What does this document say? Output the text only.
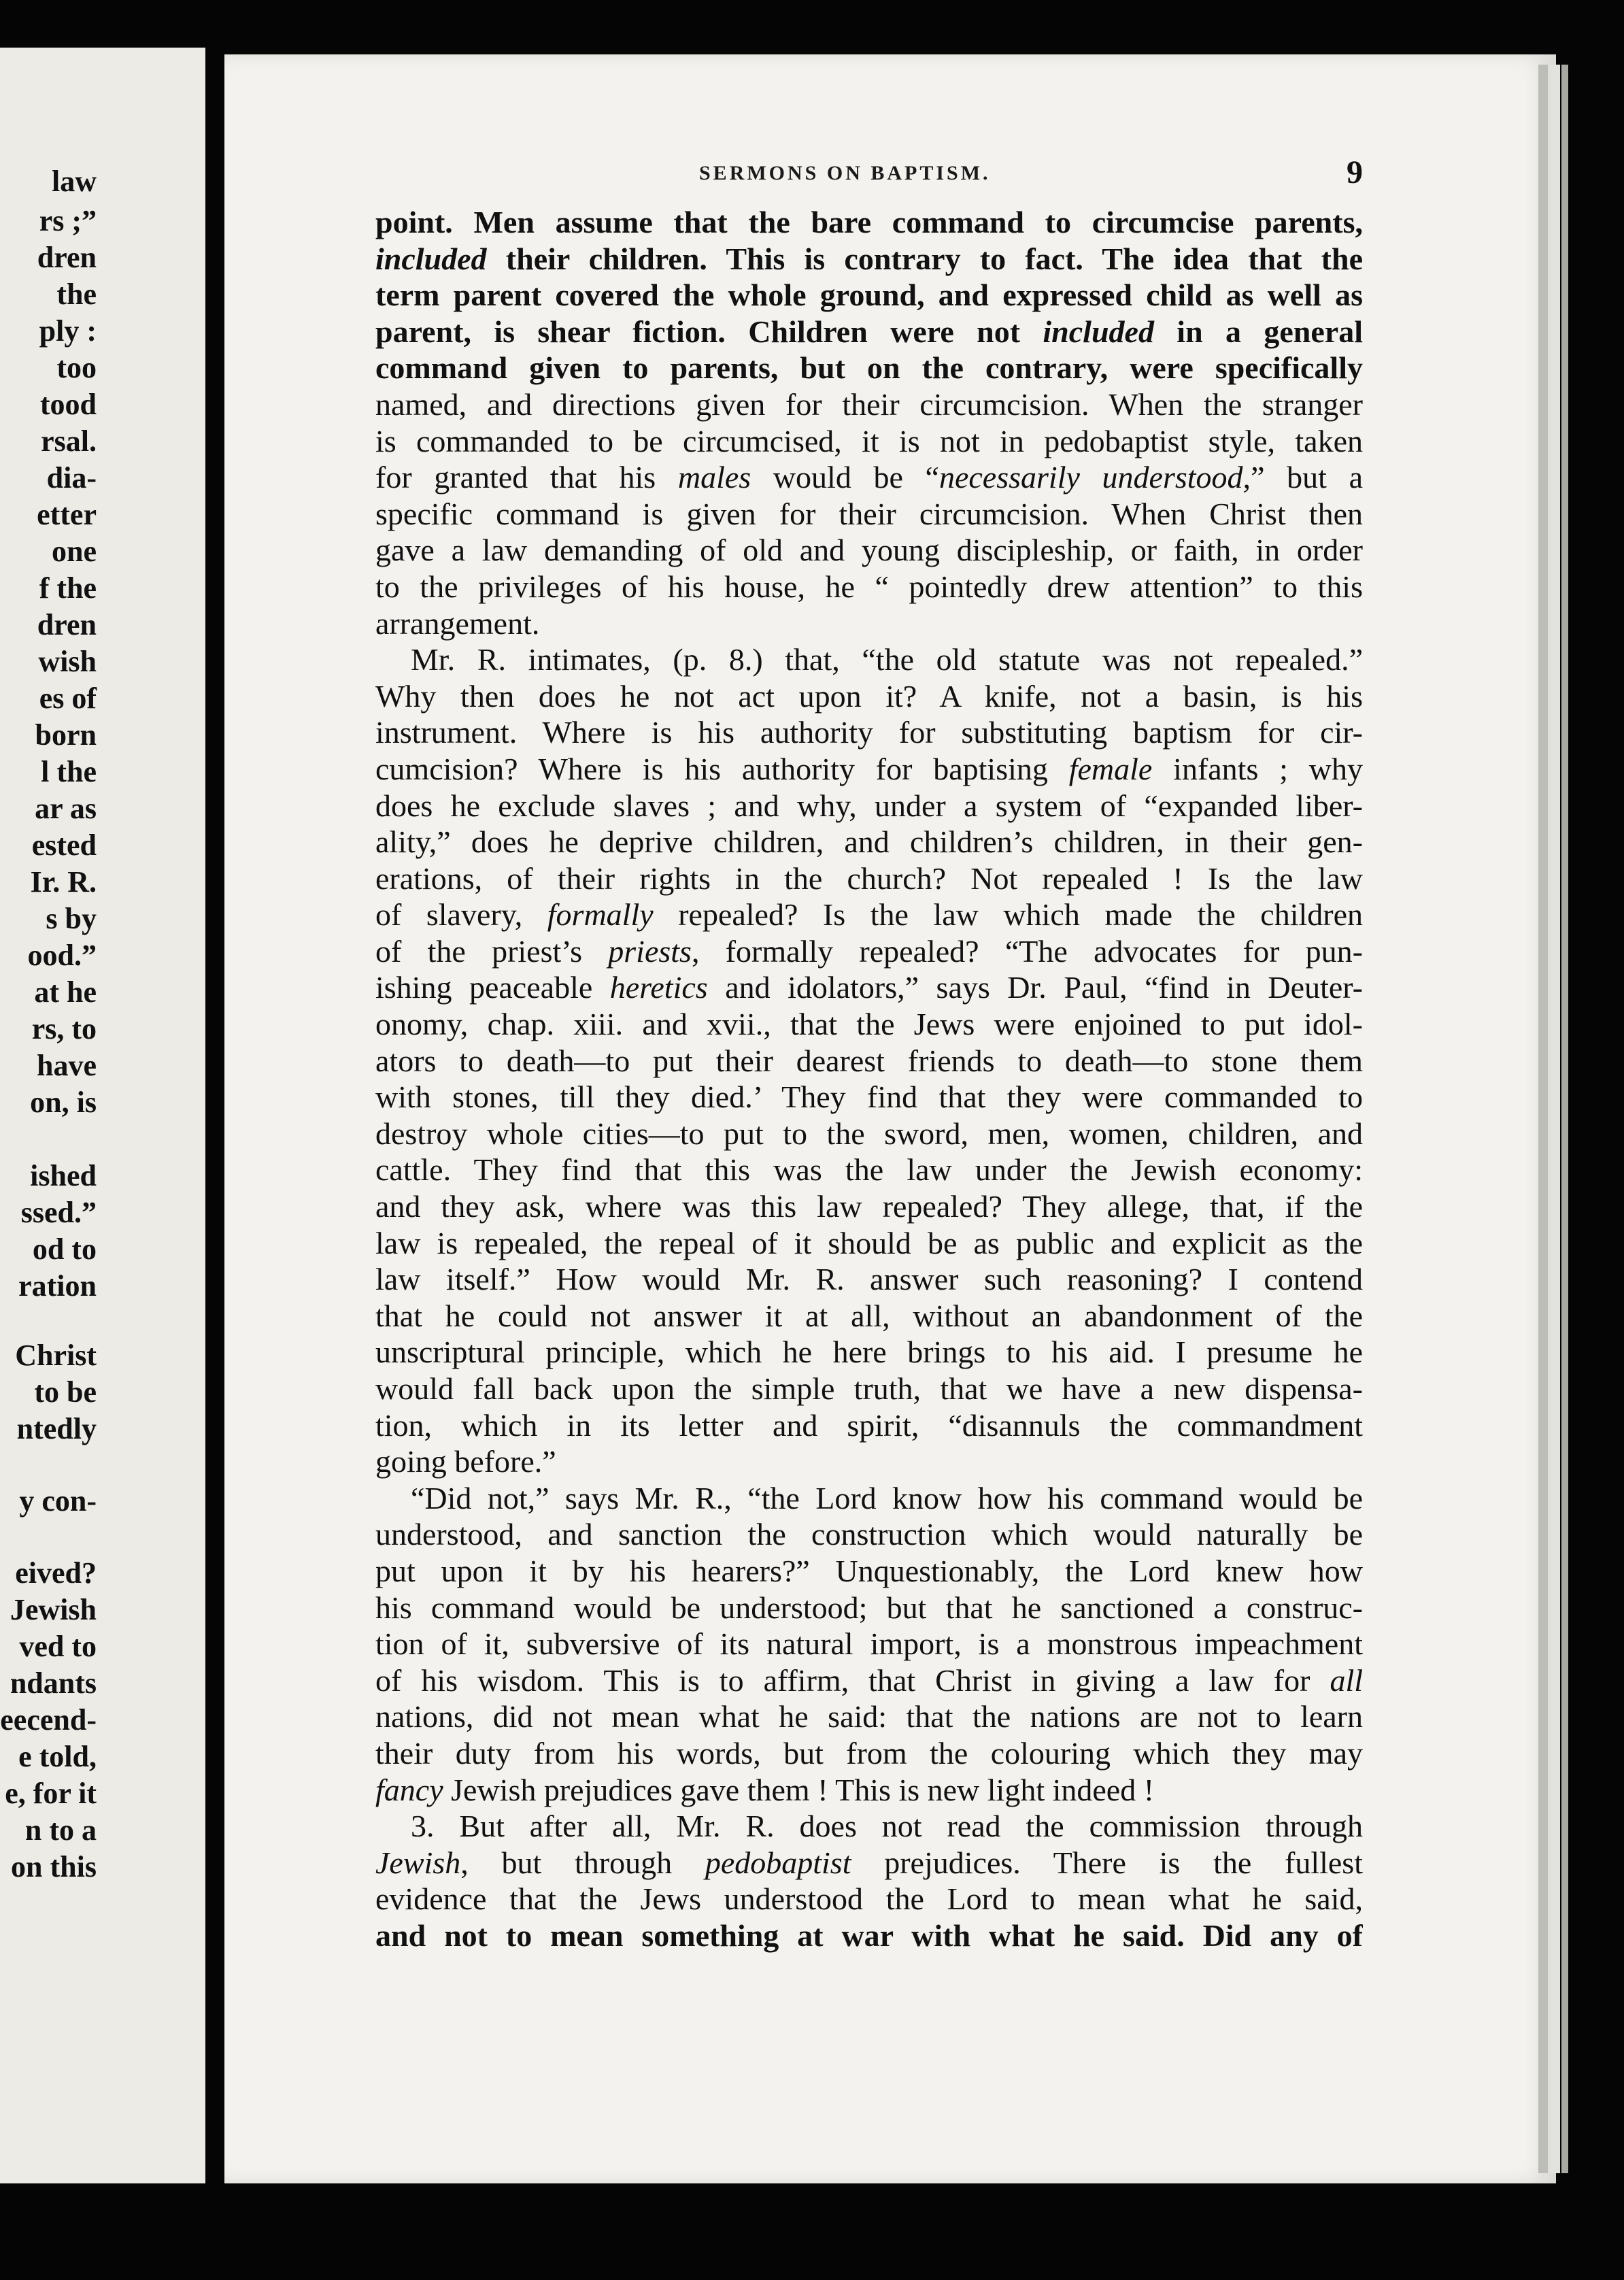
law
rs ;”
dren
the
ply :
too
tood
rsal.
dia-
etter
one
f the
dren
wish
es of
born
l the
ar as
ested
Ir. R.
s by
ood.”
at he
rs, to
have
on, is
ished
ssed.”
od to
ration
Christ
to be
ntedly
y con-
eived?
Jewish
ved to
ndants
eecend-
e told,
e, for it
n to a
on this
SERMONS ON BAPTISM.	9
point. Men assume that the bare command to circumcise parents,
included their children. This is contrary to fact. The idea that the
term parent covered the whole ground, and expressed child as well as
parent, is shear fiction. Children were not included in a general
command given to parents, but on the contrary, were specifically
named, and directions given for their circumcision. When the stranger
is commanded to be circumcised, it is not in pedobaptist style, taken
for granted that his males would be “necessarily understood,” but a
specific command is given for their circumcision. When Christ then
gave a law demanding of old and young discipleship, or faith, in order
to the privileges of his house, he “ pointedly drew attention” to this
arrangement.
Mr. R. intimates, (p. 8.) that, “the old statute was not repealed.”
Why then does he not act upon it? A knife, not a basin, is his
instrument. Where is his authority for substituting baptism for cir-
cumcision? Where is his authority for baptising female infants ; why
does he exclude slaves ; and why, under a system of “expanded liber-
ality,” does he deprive children, and children’s children, in their gen-
erations, of their rights in the church? Not repealed ! Is the law
of slavery, formally repealed? Is the law which made the children
of the priest’s priests, formally repealed? “The advocates for pun-
ishing peaceable heretics and idolators,” says Dr. Paul, “find in Deuter-
onomy, chap. xiii. and xvii., that the Jews were enjoined to put idol-
ators to death—to put their dearest friends to death—to stone them
with stones, till they died.’ They find that they were commanded to
destroy whole cities—to put to the sword, men, women, children, and
cattle. They find that this was the law under the Jewish economy:
and they ask, where was this law repealed? They allege, that, if the
law is repealed, the repeal of it should be as public and explicit as the
law itself.” How would Mr. R. answer such reasoning? I contend
that he could not answer it at all, without an abandonment of the
unscriptural principle, which he here brings to his aid. I presume he
would fall back upon the simple truth, that we have a new dispensa-
tion, which in its letter and spirit, “disannuls the commandment
going before.”
“Did not,” says Mr. R., “the Lord know how his command would be
understood, and sanction the construction which would naturally be
put upon it by his hearers?” Unquestionably, the Lord knew how
his command would be understood; but that he sanctioned a construc-
tion of it, subversive of its natural import, is a monstrous impeachment
of his wisdom. This is to affirm, that Christ in giving a law for all
nations, did not mean what he said: that the nations are not to learn
their duty from his words, but from the colouring which they may
fancy Jewish prejudices gave them ! This is new light indeed !
3. But after all, Mr. R. does not read the commission through
Jewish, but through pedobaptist prejudices. There is the fullest
evidence that the Jews understood the Lord to mean what he said,
and not to mean something at war with what he said. Did any of
